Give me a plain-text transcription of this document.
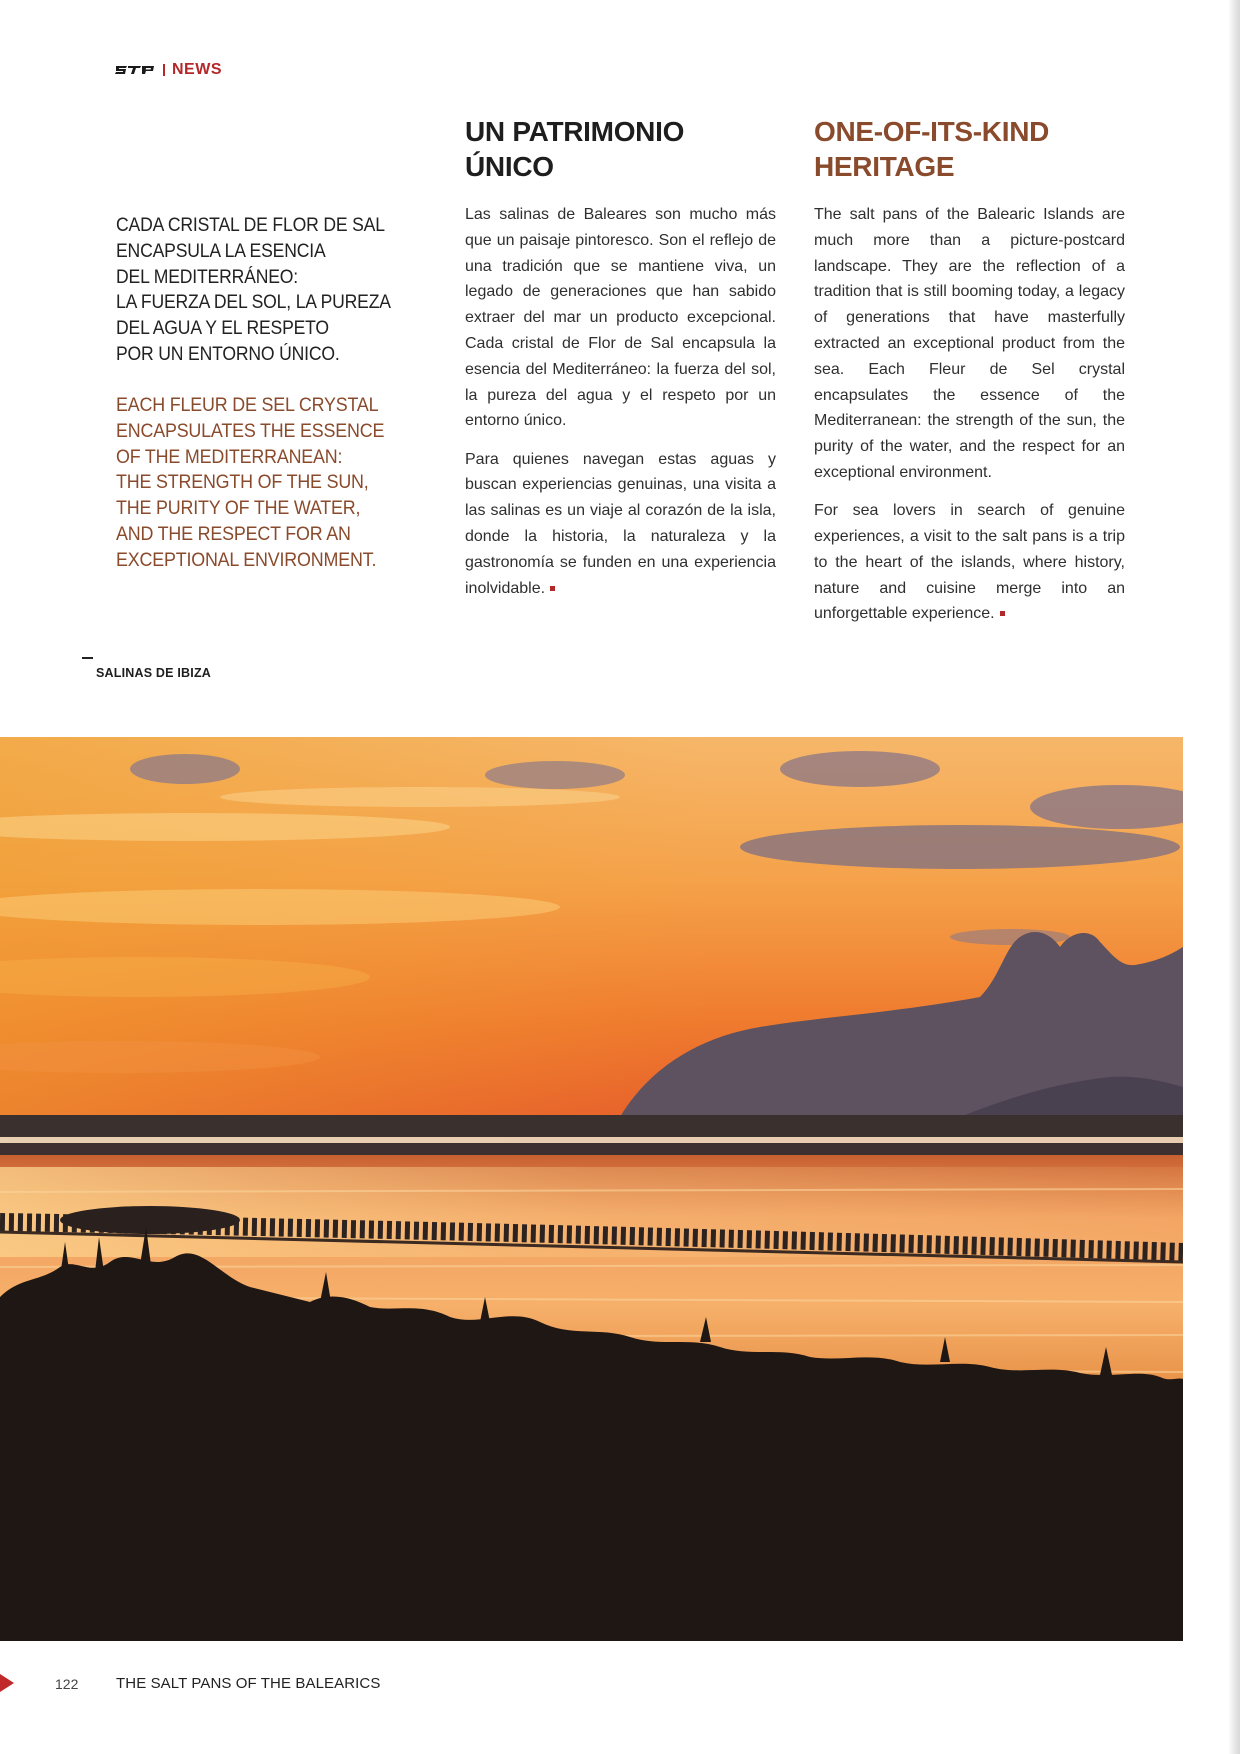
NEWS
CADA CRISTAL DE FLOR DE SAL
ENCAPSULA LA ESENCIA
DEL MEDITERRÁNEO:
LA FUERZA DEL SOL, LA PUREZA
DEL AGUA Y EL RESPETO
POR UN ENTORNO ÚNICO.
EACH FLEUR DE SEL CRYSTAL
ENCAPSULATES THE ESSENCE
OF THE MEDITERRANEAN:
THE STRENGTH OF THE SUN,
THE PURITY OF THE WATER,
AND THE RESPECT FOR AN
EXCEPTIONAL ENVIRONMENT.
UN PATRIMONIO
ÚNICO

Las salinas de Baleares son mucho más que un paisaje pintoresco. Son el reflejo de una tradición que se mantiene viva, un legado de generaciones que han sabido extraer del mar un producto excepcional. Cada cristal de Flor de Sal encapsula la esencia del Mediterráneo: la fuerza del sol, la pureza del agua y el respeto por un entorno único.

Para quienes navegan estas aguas y buscan experiencias genuinas, una visita a las salinas es un viaje al corazón de la isla, donde la historia, la naturaleza y la gastronomía se funden en una experiencia inolvidable.

ONE-OF-ITS-KIND
HERITAGE

The salt pans of the Balearic Islands are much more than a picture-postcard landscape. They are the reflection of a tradition that is still booming today, a legacy of generations that have masterfully extracted an exceptional product from the sea. Each Fleur de Sel crystal encapsulates the essence of the Mediterranean: the strength of the sun, the purity of the water, and the respect for an exceptional environment.

For sea lovers in search of genuine experiences, a visit to the salt pans is a trip to the heart of the islands, where history, nature and cuisine merge into an unforgettable experience.

SALINAS DE IBIZA
122	THE SALT PANS OF THE BALEARICS
